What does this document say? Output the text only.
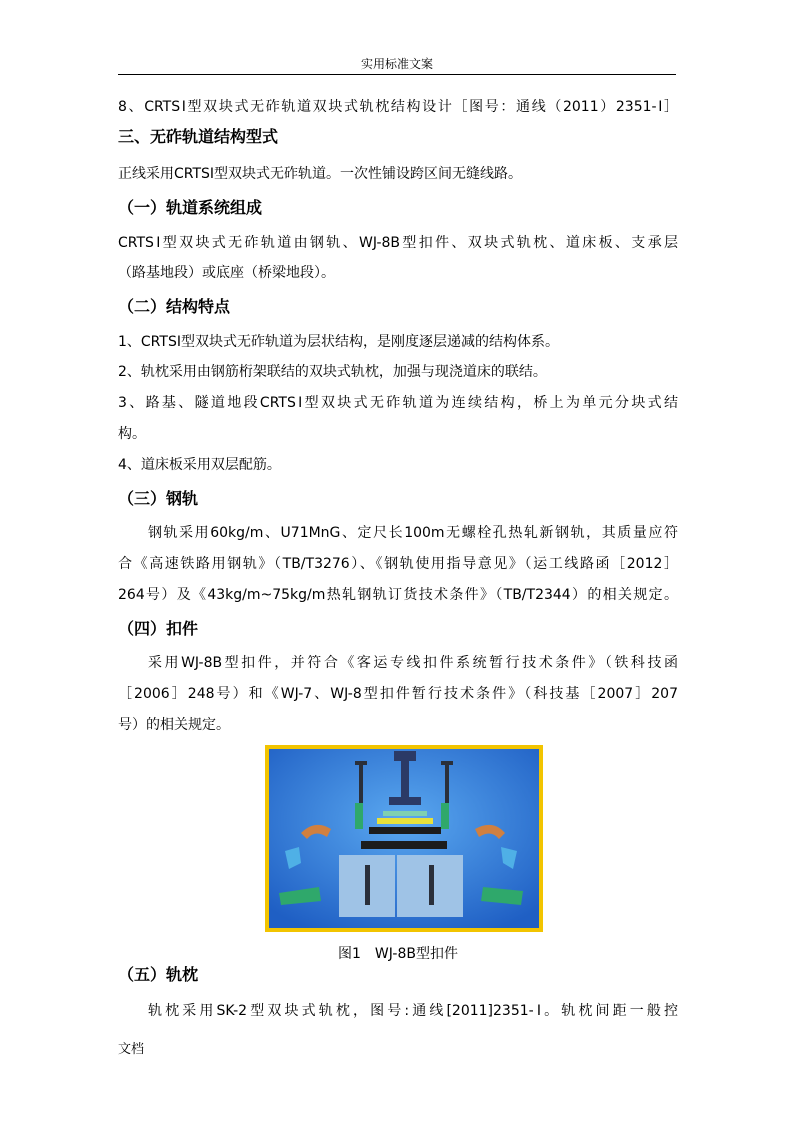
实用标准文案
8、CRTSⅠ型双块式无砟轨道双块式轨枕结构设计［图号：通线（2011）2351-Ⅰ］
三、无砟轨道结构型式
正线采用CRTSⅠ型双块式无砟轨道。一次性铺设跨区间无缝线路。
（一）轨道系统组成
CRTSⅠ型双块式无砟轨道由钢轨、WJ-8B型扣件、双块式轨枕、道床板、支承层
（路基地段）或底座（桥梁地段）。
（二）结构特点
1、CRTSⅠ型双块式无砟轨道为层状结构，是刚度逐层递减的结构体系。
2、轨枕采用由钢筋桁架联结的双块式轨枕，加强与现浇道床的联结。
3、路基、隧道地段CRTSⅠ型双块式无砟轨道为连续结构，桥上为单元分块式结
构。
4、道床板采用双层配筋。
（三）钢轨
钢轨采用60kg/m、U71MnG、定尺长100m无螺栓孔热轧新钢轨，其质量应符
合《高速铁路用钢轨》（TB/T3276）、《钢轨使用指导意见》（运工线路函［2012］
264号）及《43kg/m~75kg/m热轧钢轨订货技术条件》（TB/T2344）的相关规定。
（四）扣件
采用WJ-8B型扣件，并符合《客运专线扣件系统暂行技术条件》（铁科技函
［2006］248号）和《WJ-7、WJ-8型扣件暂行技术条件》（科技基［2007］207
号）的相关规定。
图1　WJ-8B型扣件
（五）轨枕
轨枕采用SK-2型双块式轨枕，图号:通线[2011]2351-Ⅰ。轨枕间距一般控
文档
